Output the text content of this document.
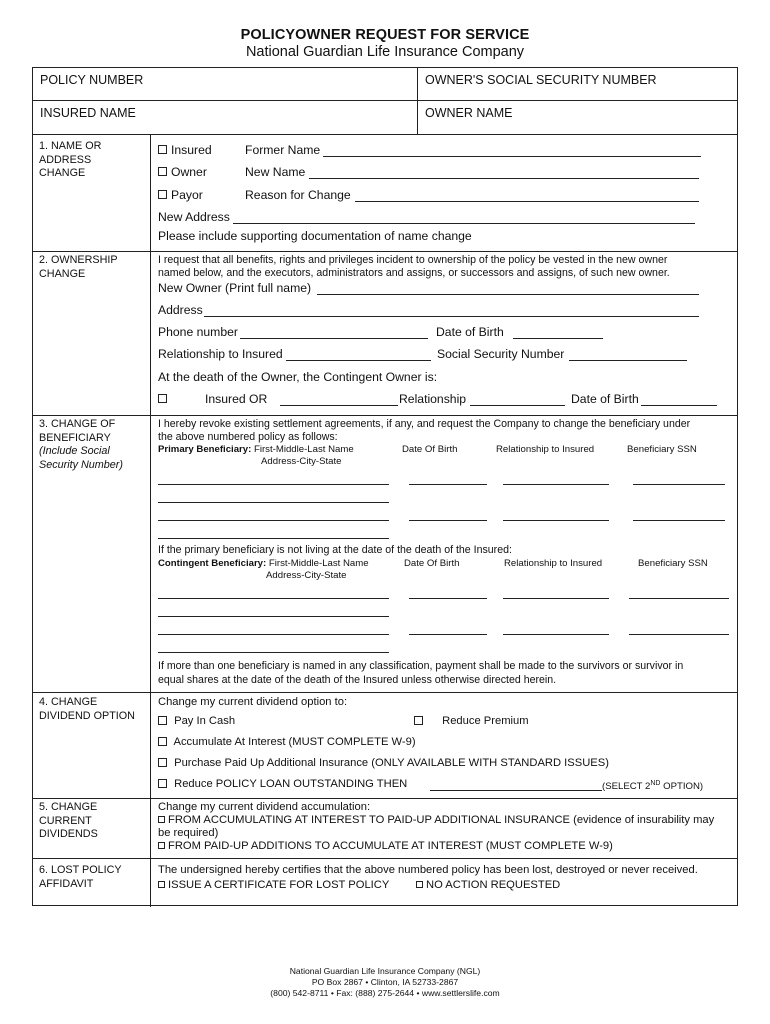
POLICYOWNER REQUEST FOR SERVICE
National Guardian Life Insurance Company
POLICY NUMBER	OWNER'S SOCIAL SECURITY NUMBER
INSURED NAME	OWNER NAME
1. NAME OR ADDRESS CHANGE
Insured	Former Name
Owner	New Name
Payor	Reason for Change
New Address
Please include supporting documentation of name change
2. OWNERSHIP CHANGE
I request that all benefits, rights and privileges incident to ownership of the policy be vested in the new owner
named below, and the executors, administrators and assigns, or successors and assigns, of such new owner.
New Owner (Print full name)
Address
Phone number	Date of Birth
Relationship to Insured	Social Security Number
At the death of the Owner, the Contingent Owner is:
Insured OR	Relationship	Date of Birth
3. CHANGE OF
BENEFICIARY
(Include Social
Security Number)
I hereby revoke existing settlement agreements, if any, and request the Company to change the beneficiary under
the above numbered policy as follows:
Primary Beneficiary: First-Middle-Last Name
Address-City-State
Date Of Birth	Relationship to Insured	Beneficiary SSN
If the primary beneficiary is not living at the date of the death of the Insured:
Contingent Beneficiary: First-Middle-Last Name
Address-City-State
Date Of Birth	Relationship to Insured	Beneficiary SSN
If more than one beneficiary is named in any classification, payment shall be made to the survivors or survivor in
equal shares at the date of the death of the Insured unless otherwise directed herein.
4. CHANGE
DIVIDEND OPTION
Change my current dividend option to:
Pay In Cash	Reduce Premium
Accumulate At Interest (MUST COMPLETE W-9)
Purchase Paid Up Additional Insurance (ONLY AVAILABLE WITH STANDARD ISSUES)
Reduce POLICY LOAN OUTSTANDING THEN	(SELECT 2ND OPTION)
5. CHANGE
CURRENT
DIVIDENDS
Change my current dividend accumulation:
FROM ACCUMULATING AT INTEREST TO PAID-UP ADDITIONAL INSURANCE (evidence of insurability may
be required)
FROM PAID-UP ADDITIONS TO ACCUMULATE AT INTEREST (MUST COMPLETE W-9)
6. LOST POLICY
AFFIDAVIT
The undersigned hereby certifies that the above numbered policy has been lost, destroyed or never received.
ISSUE A CERTIFICATE FOR LOST POLICY	NO ACTION REQUESTED
National Guardian Life Insurance Company (NGL)
PO Box 2867 • Clinton, IA 52733-2867
(800) 542-8711 • Fax: (888) 275-2644 • www.settlerslife.com
